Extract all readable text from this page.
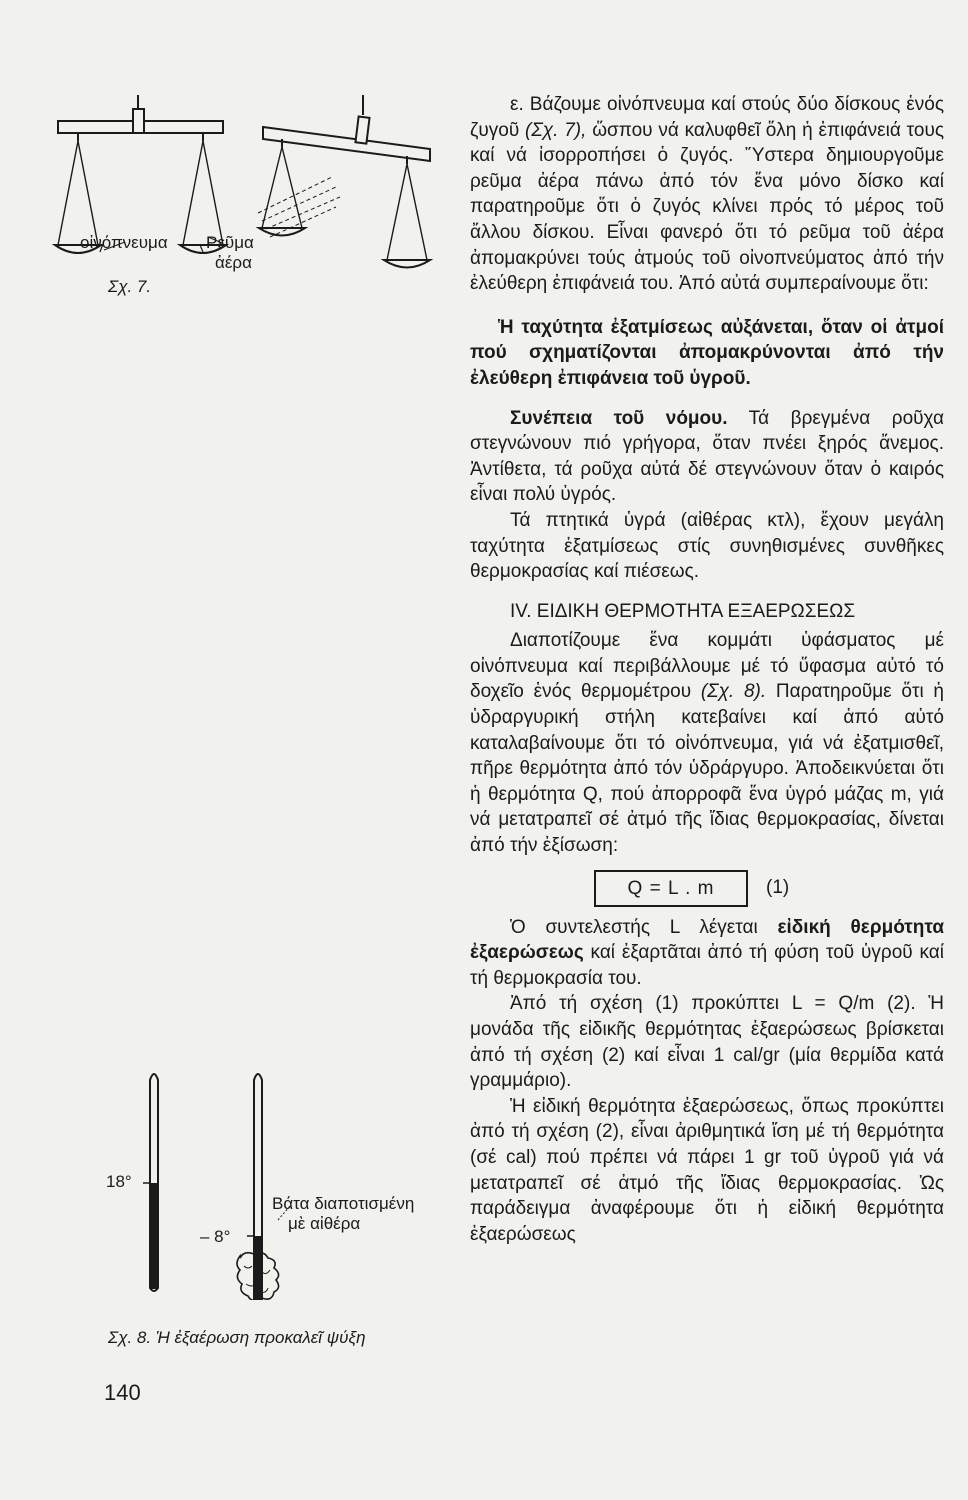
οἰνόπνευμα Ρεῦμα
ἀέρα
Σχ. 7.
18°
– 8°
Βάτα διαποτισμένη
μὲ αἰθέρα
Σχ. 8. Ἡ ἐξαέρωση προκαλεῖ ψύξη
140

ε. Βάζουμε οἰνόπνευμα καί στούς δύο δίσκους ἑνός ζυγοῦ (Σχ. 7), ὥσπου νά καλυφθεῖ ὅλη ἡ ἐπιφάνειά τους καί νά ἰσορροπήσει ὁ ζυγός. Ὕστερα δημιουργοῦμε ρεῦμα ἀέρα πάνω ἀπό τόν ἕνα μόνο δίσκο καί παρατηροῦμε ὅτι ὁ ζυγός κλίνει πρός τό μέρος τοῦ ἄλλου δίσκου. Εἶναι φανερό ὅτι τό ρεῦμα τοῦ ἀέρα ἀπομακρύνει τούς ἀτμούς τοῦ οἰνοπνεύματος ἀπό τήν ἐλεύθερη ἐπιφάνειά του. Ἀπό αὐτά συμπεραίνουμε ὅτι:

Ἡ ταχύτητα ἐξατμίσεως αὐξάνεται, ὅταν οἱ ἀτμοί πού σχηματίζονται ἀπομακρύνονται ἀπό τήν ἐλεύθερη ἐπιφάνεια τοῦ ὑγροῦ.

Συνέπεια τοῦ νόμου. Τά βρεγμένα ροῦχα στεγνώνουν πιό γρήγορα, ὅταν πνέει ξηρός ἄνεμος. Ἀντίθετα, τά ροῦχα αὐτά δέ στεγνώνουν ὅταν ὁ καιρός εἶναι πολύ ὑγρός.

Τά πτητικά ὑγρά (αἰθέρας κτλ), ἔχουν μεγάλη ταχύτητα ἐξατμίσεως στίς συνηθισμένες συνθῆκες θερμοκρασίας καί πιέσεως.

IV. ΕΙΔΙΚΗ ΘΕΡΜΟΤΗΤΑ ΕΞΑΕΡΩΣΕΩΣ

Διαποτίζουμε ἕνα κομμάτι ὑφάσματος μέ οἰνόπνευμα καί περιβάλλουμε μέ τό ὕφασμα αὐτό τό δοχεῖο ἑνός θερμομέτρου (Σχ. 8). Παρατηροῦμε ὅτι ἡ ὑδραργυρική στήλη κατεβαίνει καί ἀπό αὐτό καταλαβαίνουμε ὅτι τό οἰνόπνευμα, γιά νά ἐξατμισθεῖ, πῆρε θερμότητα ἀπό τόν ὑδράργυρο. Ἀποδεικνύεται ὅτι ἡ θερμότητα Q, πού ἀπορροφᾶ ἕνα ὑγρό μάζας m, γιά νά μετατραπεῖ σέ ἀτμό τῆς ἴδιας θερμοκρασίας, δίνεται ἀπό τήν ἐξίσωση:

Q = L . m	(1)

Ὁ συντελεστής L λέγεται εἰδική θερμότητα ἐξαερώσεως καί ἐξαρτᾶται ἀπό τή φύση τοῦ ὑγροῦ καί τή θερμοκρασία του.

Ἀπό τή σχέση (1) προκύπτει L = Q/m (2). Ἡ μονάδα τῆς εἰδικῆς θερμότητας ἐξαερώσεως βρίσκεται ἀπό τή σχέση (2) καί εἶναι 1 cal/gr (μία θερμίδα κατά γραμμάριο).

Ἡ εἰδική θερμότητα ἐξαερώσεως, ὅπως προκύπτει ἀπό τή σχέση (2), εἶναι ἀριθμητικά ἴση μέ τή θερμότητα (σέ cal) πού πρέπει νά πάρει 1 gr τοῦ ὑγροῦ γιά νά μετατραπεῖ σέ ἀτμό τῆς ἴδιας θερμοκρασίας. Ὡς παράδειγμα ἀναφέρουμε ὅτι ἡ εἰδική θερμότητα ἐξαερώσεως
